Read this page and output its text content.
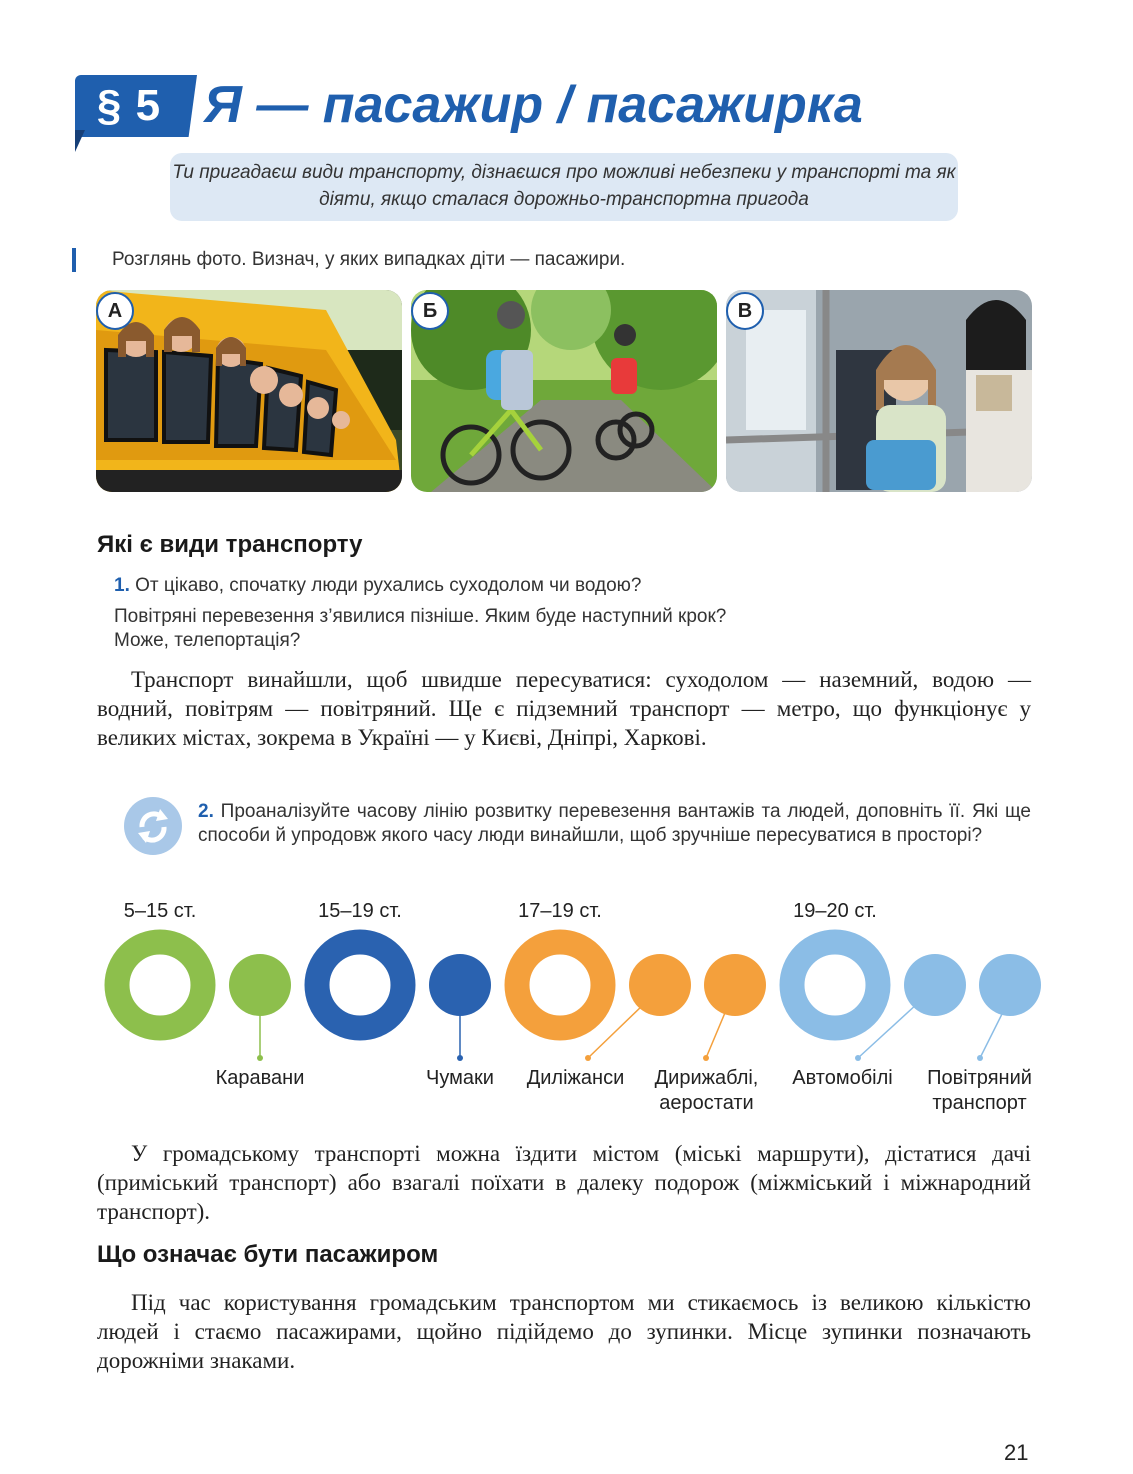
§ 5 Я — пасажир / пасажирка
Ти пригадаєш види транспорту, дізнаєшся про можливі небезпеки у транспорті та як діяти, якщо сталася дорожньо-транспортна пригода
Розглянь фото. Визнач, у яких випадках діти — пасажири.
А	Б	В
Які є види транспорту
1. От цікаво, спочатку люди рухались суходолом чи водою?
Повітряні перевезення з’явилися пізніше. Яким буде наступний крок?
Може, телепортація?
Транспорт винайшли, щоб швидше пересуватися: суходолом — наземний, водою — водний, повітрям — повітряний. Ще є підземний транспорт — метро, що функціонує у великих містах, зокрема в Україні — у Києві, Дніпрі, Харкові.
2. Проаналізуйте часову лінію розвитку перевезення вантажів та людей, доповніть її. Які ще способи й упродовж якого часу люди винайшли, щоб зручніше пересуватися в просторі?
5–15 ст.	15–19 ст.	17–19 ст.	19–20 ст.
Каравани	Чумаки	Диліжанси	Дирижаблі, аеростати
Автомобілі	Повітряний транспорт
У громадському транспорті можна їздити містом (міські маршрути), дістатися дачі (приміський транспорт) або взагалі поїхати в далеку подорож (міжміський і міжнародний транспорт).
Що означає бути пасажиром
Під час користування громадським транспортом ми стикаємось із великою кількістю людей і стаємо пасажирами, щойно підійдемо до зупинки. Місце зупинки позначають дорожніми знаками.
21
